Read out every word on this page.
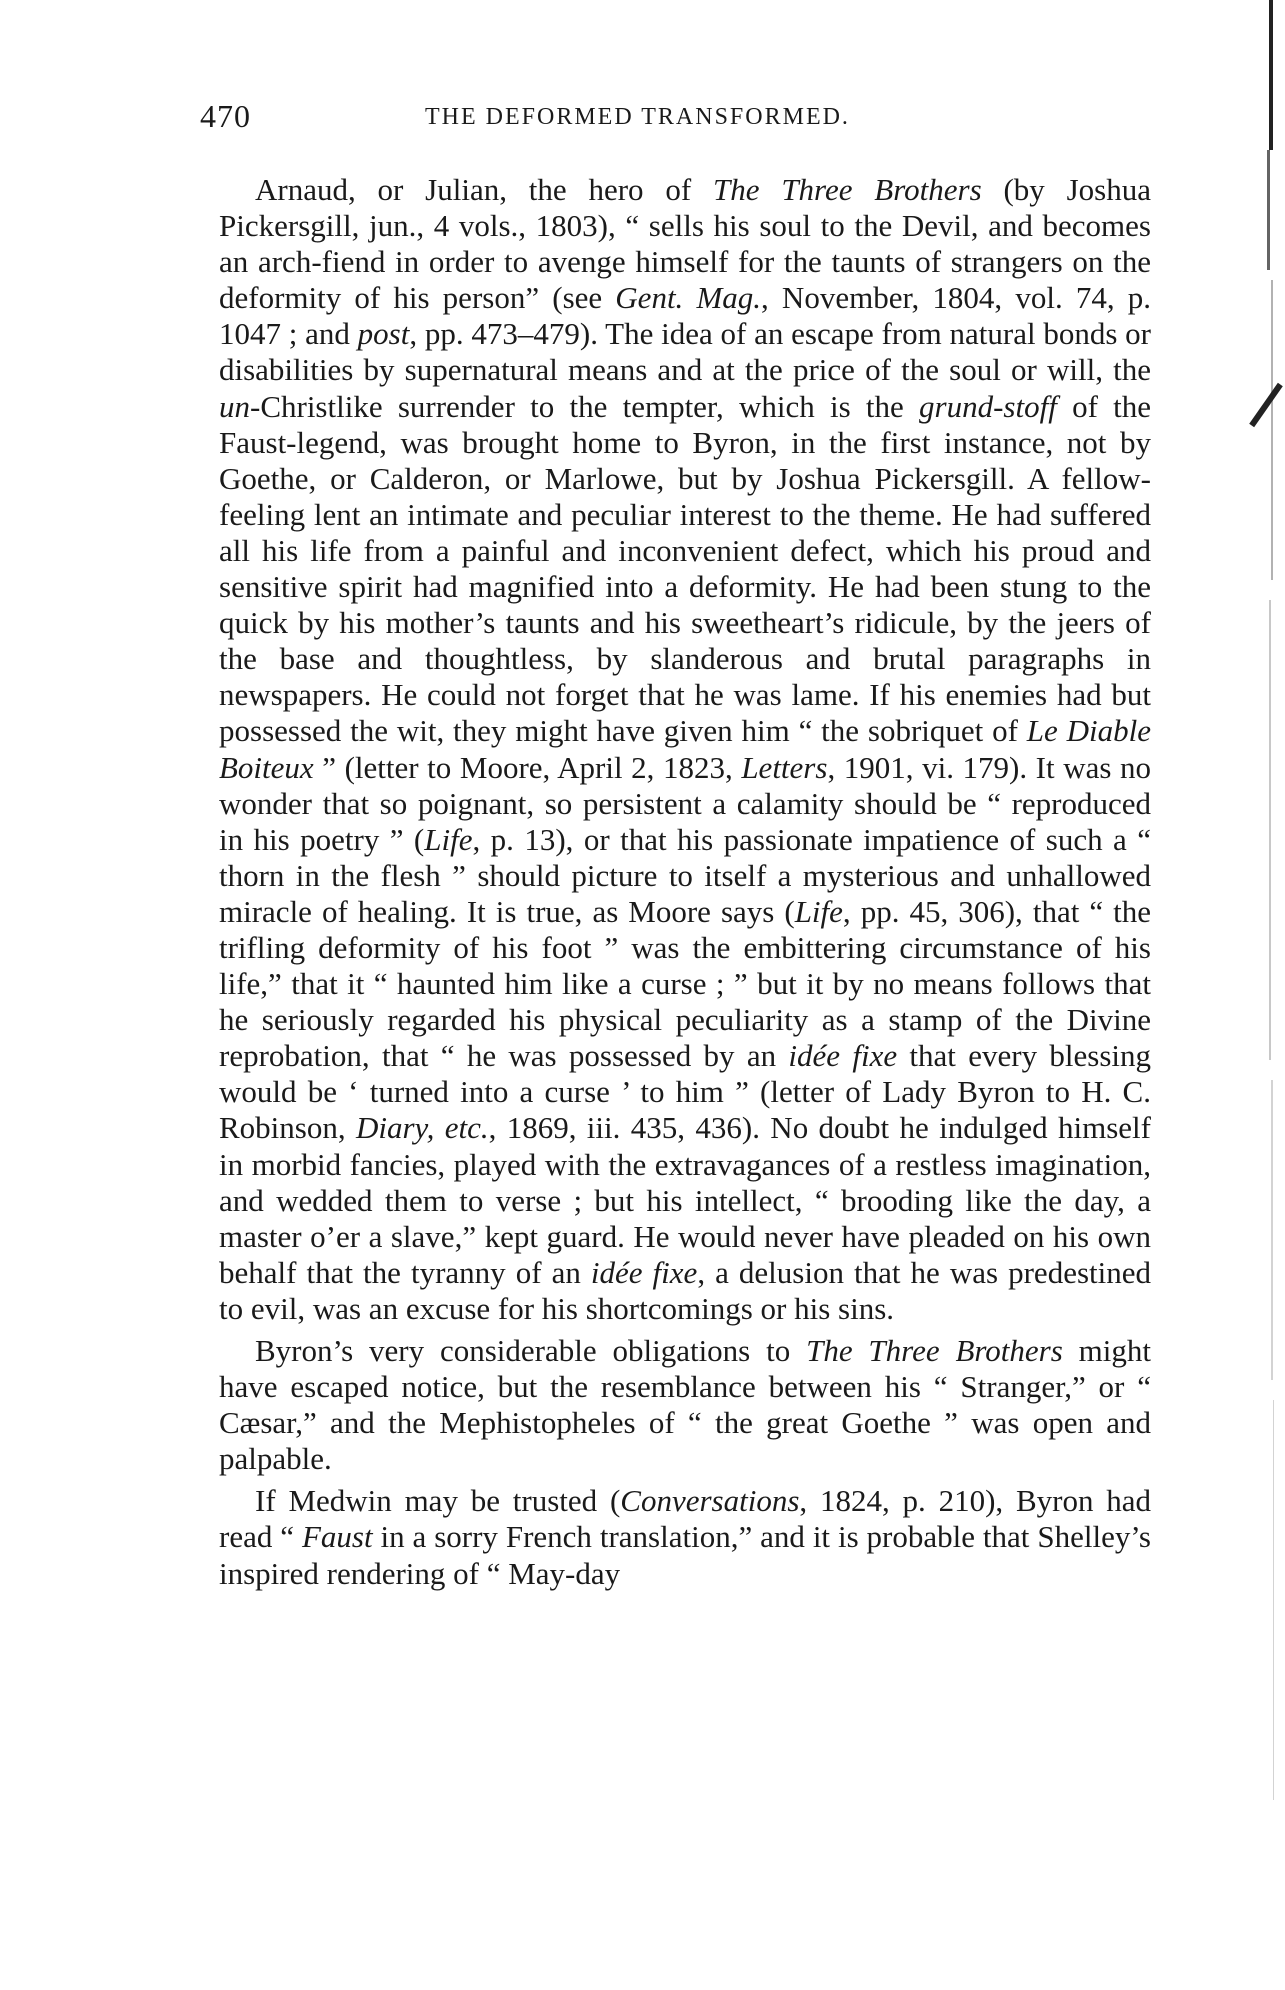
470	THE DEFORMED TRANSFORMED.

Arnaud, or Julian, the hero of The Three Brothers (by Joshua Pickersgill, jun., 4 vols., 1803), “ sells his soul to the Devil, and becomes an arch-fiend in order to avenge himself for the taunts of strangers on the deformity of his person” (see Gent. Mag., November, 1804, vol. 74, p. 1047 ; and post, pp. 473–479). The idea of an escape from natural bonds or disabilities by supernatural means and at the price of the soul or will, the un-Christlike surrender to the tempter, which is the grund-stoff of the Faust-legend, was brought home to Byron, in the first instance, not by Goethe, or Calderon, or Marlowe, but by Joshua Pickersgill. A fellow-feeling lent an intimate and peculiar interest to the theme. He had suffered all his life from a painful and inconvenient defect, which his proud and sensitive spirit had magnified into a deformity. He had been stung to the quick by his mother’s taunts and his sweetheart’s ridicule, by the jeers of the base and thoughtless, by slanderous and brutal paragraphs in newspapers. He could not forget that he was lame. If his enemies had but possessed the wit, they might have given him “ the sobriquet of Le Diable Boiteux ” (letter to Moore, April 2, 1823, Letters, 1901, vi. 179). It was no wonder that so poignant, so persistent a calamity should be “ reproduced in his poetry ” (Life, p. 13), or that his passionate impatience of such a “ thorn in the flesh ” should picture to itself a mysterious and unhallowed miracle of healing. It is true, as Moore says (Life, pp. 45, 306), that “ the trifling deformity of his foot ” was the embittering circumstance of his life,” that it “ haunted him like a curse ; ” but it by no means follows that he seriously regarded his physical peculiarity as a stamp of the Divine reprobation, that “ he was possessed by an idée fixe that every blessing would be ‘ turned into a curse ’ to him ” (letter of Lady Byron to H. C. Robinson, Diary, etc., 1869, iii. 435, 436). No doubt he indulged himself in morbid fancies, played with the extravagances of a restless imagination, and wedded them to verse ; but his intellect, “ brooding like the day, a master o’er a slave,” kept guard. He would never have pleaded on his own behalf that the tyranny of an idée fixe, a delusion that he was predestined to evil, was an excuse for his shortcomings or his sins.

Byron’s very considerable obligations to The Three Brothers might have escaped notice, but the resemblance between his “ Stranger,” or “ Cæsar,” and the Mephistopheles of “ the great Goethe ” was open and palpable.

If Medwin may be trusted (Conversations, 1824, p. 210), Byron had read “ Faust in a sorry French translation,” and it is probable that Shelley’s inspired rendering of “ May-day
